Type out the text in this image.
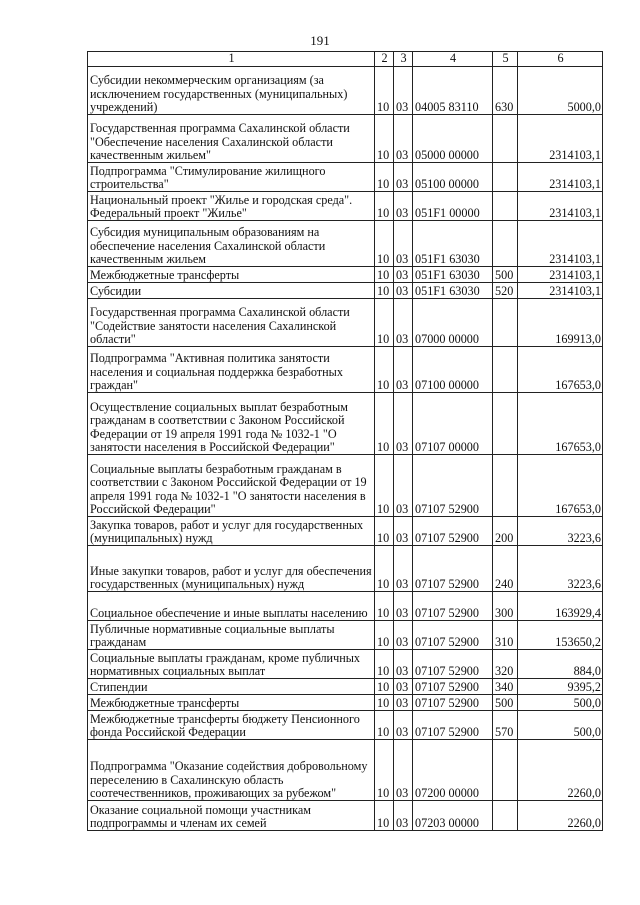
191
1	2	3	4	5	6
Субсидии некоммерческим организациям (за исключением государственных (муниципальных) учреждений)	10	03	04005 83110	630	5000,0
Государственная программа Сахалинской области "Обеспечение населения Сахалинской области качественным жильем"	10	03	05000 00000		2314103,1
Подпрограмма "Стимулирование жилищного строительства"	10	03	05100 00000		2314103,1
Национальный проект "Жилье и городская среда". Федеральный проект "Жилье"	10	03	051F1 00000		2314103,1
Субсидия муниципальным образованиям на обеспечение населения Сахалинской области качественным жильем	10	03	051F1 63030		2314103,1
Межбюджетные трансферты	10	03	051F1 63030	500	2314103,1
Субсидии	10	03	051F1 63030	520	2314103,1
Государственная программа Сахалинской области "Содействие занятости населения Сахалинской области"	10	03	07000 00000		169913,0
Подпрограмма "Активная политика занятости населения и социальная поддержка безработных граждан"	10	03	07100 00000		167653,0
Осуществление социальных выплат безработным гражданам в соответствии с Законом Российской Федерации от 19 апреля 1991 года № 1032-1 "О занятости населения в Российской Федерации"	10	03	07107 00000		167653,0
Социальные выплаты безработным гражданам в соответствии с Законом Российской Федерации от 19 апреля 1991 года № 1032-1 "О занятости населения в Российской Федерации"	10	03	07107 52900		167653,0
Закупка товаров, работ и услуг для государственных (муниципальных) нужд	10	03	07107 52900	200	3223,6
Иные закупки товаров, работ и услуг для обеспечения государственных (муниципальных) нужд	10	03	07107 52900	240	3223,6
Социальное обеспечение и иные выплаты населению	10	03	07107 52900	300	163929,4
Публичные нормативные социальные выплаты гражданам	10	03	07107 52900	310	153650,2
Социальные выплаты гражданам, кроме публичных нормативных социальных выплат	10	03	07107 52900	320	884,0
Стипендии	10	03	07107 52900	340	9395,2
Межбюджетные трансферты	10	03	07107 52900	500	500,0
Межбюджетные трансферты бюджету Пенсионного фонда Российской Федерации	10	03	07107 52900	570	500,0
Подпрограмма "Оказание содействия добровольному переселению в Сахалинскую область соотечественников, проживающих за рубежом"	10	03	07200 00000		2260,0
Оказание социальной помощи участникам подпрограммы и членам их семей	10	03	07203 00000		2260,0
